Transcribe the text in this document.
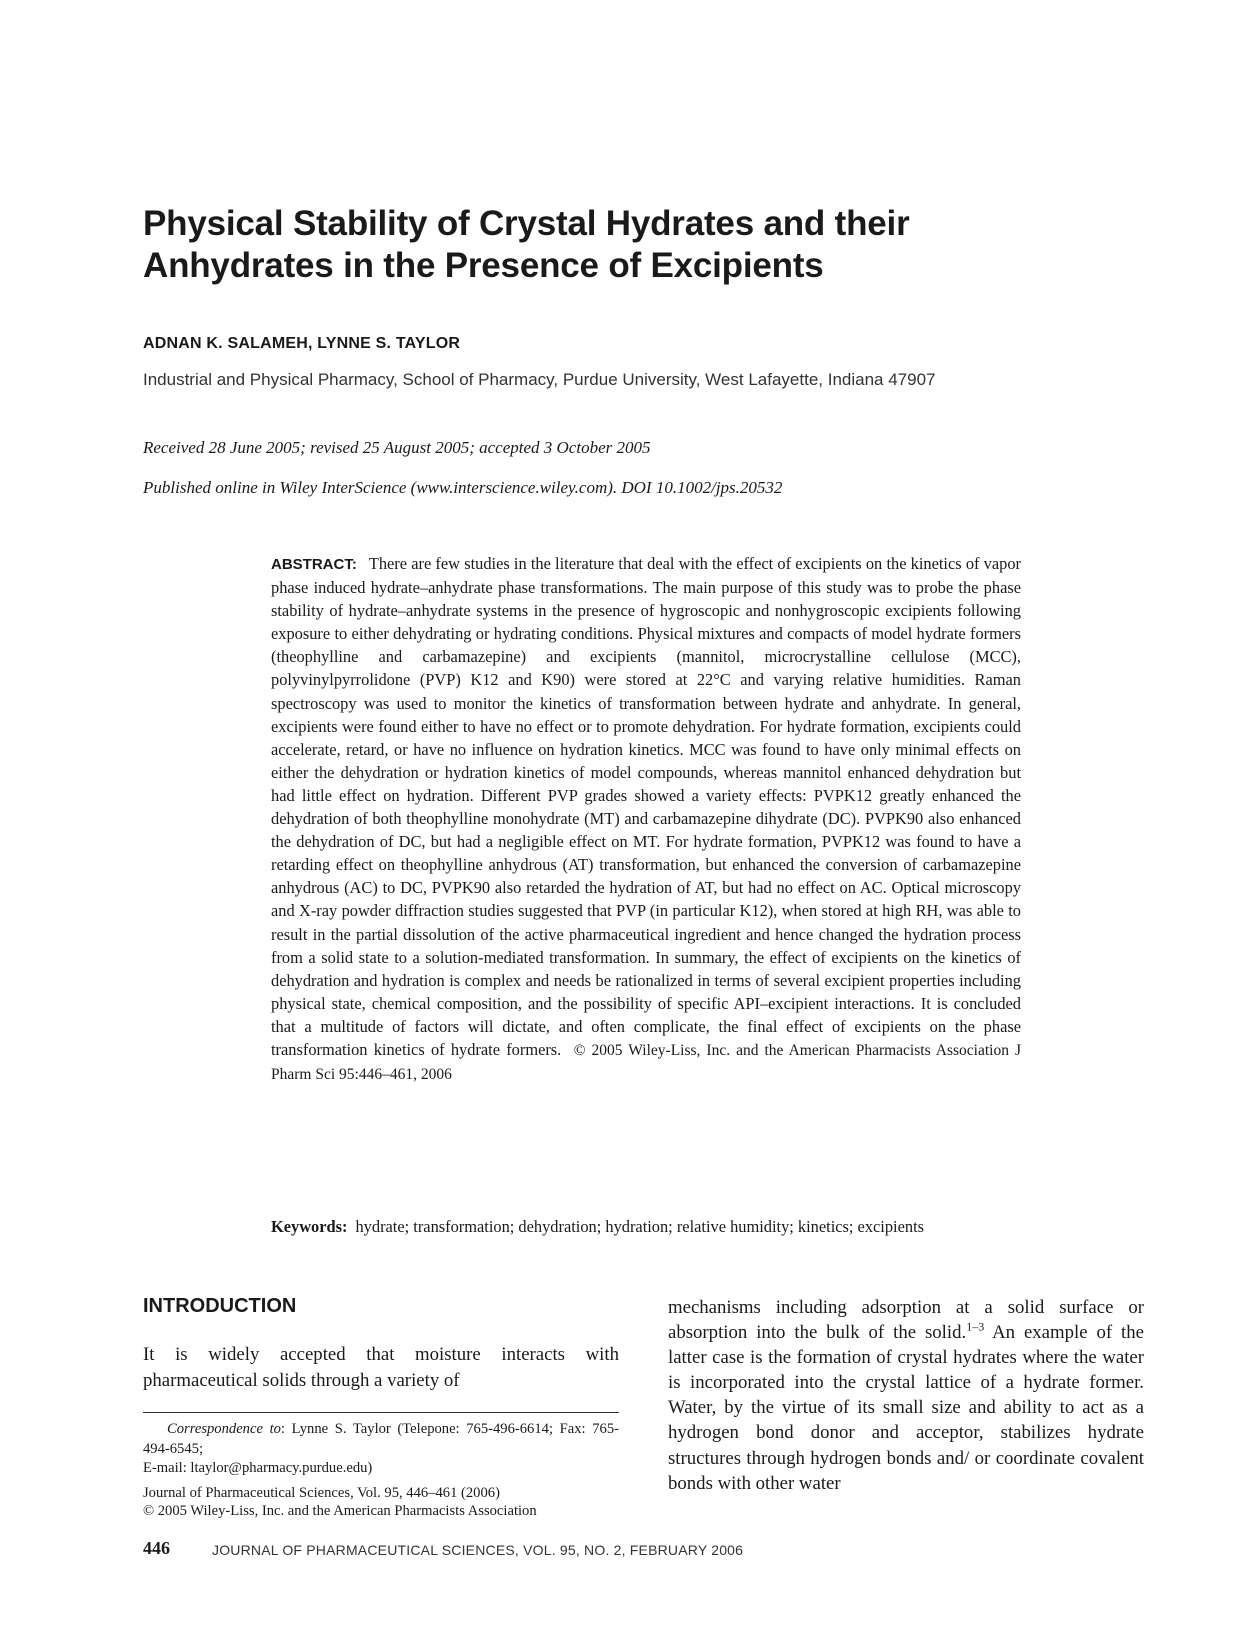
Physical Stability of Crystal Hydrates and their
Anhydrates in the Presence of Excipients
ADNAN K. SALAMEH, LYNNE S. TAYLOR
Industrial and Physical Pharmacy, School of Pharmacy, Purdue University, West Lafayette, Indiana 47907
Received 28 June 2005; revised 25 August 2005; accepted 3 October 2005
Published online in Wiley InterScience (www.interscience.wiley.com). DOI 10.1002/jps.20532
ABSTRACT: There are few studies in the literature that deal with the effect of excipients on the kinetics of vapor phase induced hydrate–anhydrate phase transformations. The main purpose of this study was to probe the phase stability of hydrate–anhydrate systems in the presence of hygroscopic and nonhygroscopic excipients following exposure to either dehydrating or hydrating conditions. Physical mixtures and compacts of model hydrate formers (theophylline and carbamazepine) and excipients (mannitol, microcrystalline cellulose (MCC), polyvinylpyrrolidone (PVP) K12 and K90) were stored at 22°C and varying relative humidities. Raman spectroscopy was used to monitor the kinetics of transformation between hydrate and anhydrate. In general, excipients were found either to have no effect or to promote dehydration. For hydrate formation, excipients could accelerate, retard, or have no influence on hydration kinetics. MCC was found to have only minimal effects on either the dehydration or hydration kinetics of model compounds, whereas mannitol enhanced dehydration but had little effect on hydration. Different PVP grades showed a variety effects: PVPK12 greatly enhanced the dehydration of both theophylline monohydrate (MT) and carbamazepine dihydrate (DC). PVPK90 also enhanced the dehydration of DC, but had a negligible effect on MT. For hydrate formation, PVPK12 was found to have a retarding effect on theophylline anhydrous (AT) transformation, but enhanced the conversion of carbamazepine anhydrous (AC) to DC, PVPK90 also retarded the hydration of AT, but had no effect on AC. Optical microscopy and X-ray powder diffraction studies suggested that PVP (in particular K12), when stored at high RH, was able to result in the partial dissolution of the active pharmaceutical ingredient and hence changed the hydration process from a solid state to a solution-mediated transformation. In summary, the effect of excipients on the kinetics of dehydration and hydration is complex and needs be rationalized in terms of several excipient properties including physical state, chemical composition, and the possibility of specific API–excipient interactions. It is concluded that a multitude of factors will dictate, and often complicate, the final effect of excipients on the phase transformation kinetics of hydrate formers. © 2005 Wiley-Liss, Inc. and the American Pharmacists Association J Pharm Sci 95:446–461, 2006
Keywords: hydrate; transformation; dehydration; hydration; relative humidity; kinetics; excipients
INTRODUCTION
It is widely accepted that moisture interacts with pharmaceutical solids through a variety of
Correspondence to: Lynne S. Taylor (Telepone: 765-496-6614; Fax: 765-494-6545;
E-mail: ltaylor@pharmacy.purdue.edu)
Journal of Pharmaceutical Sciences, Vol. 95, 446–461 (2006)
© 2005 Wiley-Liss, Inc. and the American Pharmacists Association
mechanisms including adsorption at a solid surface or absorption into the bulk of the solid.$^{1-3}$ An example of the latter case is the formation of crystal hydrates where the water is incorporated into the crystal lattice of a hydrate former. Water, by the virtue of its small size and ability to act as a hydrogen bond donor and acceptor, stabilizes hydrate structures through hydrogen bonds and/ or coordinate covalent bonds with other water
446	JOURNAL OF PHARMACEUTICAL SCIENCES, VOL. 95, NO. 2, FEBRUARY 2006
